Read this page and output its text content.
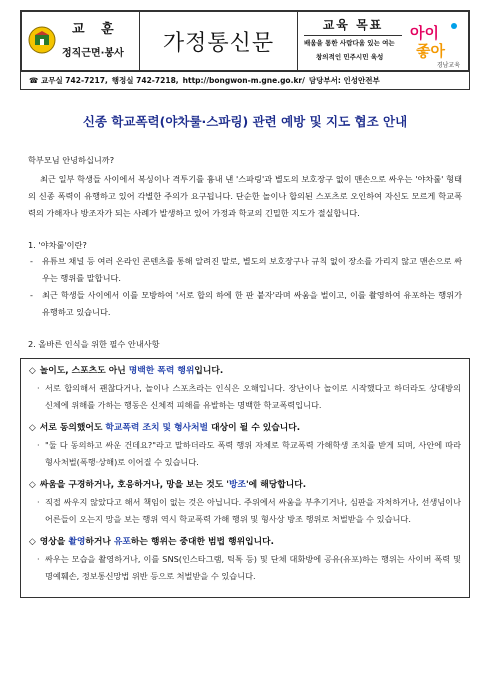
교 훈
정직근면·봉사	가정통신문
교육 목표
배움을 통한 사람다움 있는 여는
창의적인 민주시민 육성
아이
좋아
경남교육
☎ 교무실 742-7217, 행정실 742-7218, http://bongwon-m.gne.go.kr/ 담당부서: 인성안전부
신종 학교폭력(야차룰·스파링) 관련 예방 및 지도 협조 안내

학부모님 안녕하십니까?

최근 일부 학생들 사이에서 복싱이나 격투기를 흉내 낸 '스파링'과 별도의 보호장구 없이 맨손으로 싸우는 '야차룰' 형태의 신종 폭력이 유행하고 있어 각별한 주의가 요구됩니다. 단순한 놀이나 합의된 스포츠로 오인하여 자신도 모르게 학교폭력의 가해자나 방조자가 되는 사례가 발생하고 있어 가정과 학교의 긴밀한 지도가 절실합니다.

1. '야차룰'이란?
- 유튜브 채널 등 여러 온라인 콘텐츠를 통해 알려진 말로, 별도의 보호장구나 규칙 없이 장소를 가리지 않고 맨손으로 싸우는 행위를 말합니다.
- 최근 학생들 사이에서 이를 모방하여 '서로 합의 하에 한 판 붙자'라며 싸움을 벌이고, 이를 촬영하여 유포하는 행위가 유행하고 있습니다.
2. 올바른 인식을 위한 필수 안내사항
◇ 놀이도, 스포츠도 아닌 명백한 폭력 행위입니다.
· 서로 합의해서 괜찮다거나, 놀이나 스포츠라는 인식은 오해입니다. 장난이나 놀이로 시작했다고 하더라도 상대방의 신체에 위해를 가하는 행동은 신체적 피해를 유발하는 명백한 학교폭력입니다.
◇ 서로 동의했어도 학교폭력 조치 및 형사처벌 대상이 될 수 있습니다.
· "둘 다 동의하고 싸운 건데요?"라고 말하더라도 폭력 행위 자체로 학교폭력 가해학생 조치를 받게 되며, 사안에 따라 형사처벌(폭행·상해)로 이어질 수 있습니다.
◇ 싸움을 구경하거나, 호응하거나, 망을 보는 것도 '방조'에 해당합니다.
· 직접 싸우지 않았다고 해서 책임이 없는 것은 아닙니다. 주위에서 싸움을 부추기거나, 심판을 자처하거나, 선생님이나 어른들이 오는지 망을 보는 행위 역시 학교폭력 가해 행위 및 형사상 방조 행위로 처벌받을 수 있습니다.
◇ 영상을 촬영하거나 유포하는 행위는 중대한 범법 행위입니다.
· 싸우는 모습을 촬영하거나, 이를 SNS(인스타그램, 틱톡 등) 및 단체 대화방에 공유(유포)하는 행위는 사이버 폭력 및 명예훼손, 정보통신망법 위반 등으로 처벌받을 수 있습니다.
